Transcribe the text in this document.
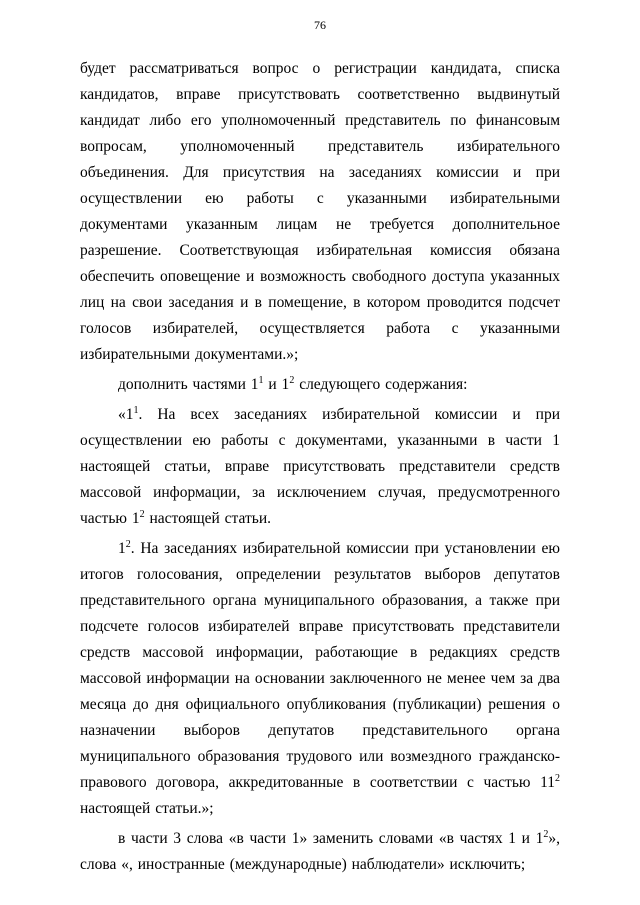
76

будет рассматриваться вопрос о регистрации кандидата, списка кандидатов, вправе присутствовать соответственно выдвинутый кандидат либо его уполномоченный представитель по финансовым вопросам, уполномоченный представитель избирательного объединения. Для присутствия на заседаниях комиссии и при осуществлении ею работы с указанными избирательными документами указанным лицам не требуется дополнительное разрешение. Соответствующая избирательная комиссия обязана обеспечить оповещение и возможность свободного доступа указанных лиц на свои заседания и в помещение, в котором проводится подсчет голосов избирателей, осуществляется работа с указанными избирательными документами.»;

дополнить частями $1^1$ и $1^2$ следующего содержания:

«$1^1$. На всех заседаниях избирательной комиссии и при осуществлении ею работы с документами, указанными в части 1 настоящей статьи, вправе присутствовать представители средств массовой информации, за исключением случая, предусмотренного частью $1^2$ настоящей статьи.

$1^2$. На заседаниях избирательной комиссии при установлении ею итогов голосования, определении результатов выборов депутатов представительного органа муниципального образования, а также при подсчете голосов избирателей вправе присутствовать представители средств массовой информации, работающие в редакциях средств массовой информации на основании заключенного не менее чем за два месяца до дня официального опубликования (публикации) решения о назначении выборов депутатов представительного органа муниципального образования трудового или возмездного гражданско-правового договора, аккредитованные в соответствии с частью $11^2$ настоящей статьи.»;

в части 3 слова «в части 1» заменить словами «в частях 1 и $1^2$», слова «, иностранные (международные) наблюдатели» исключить;
